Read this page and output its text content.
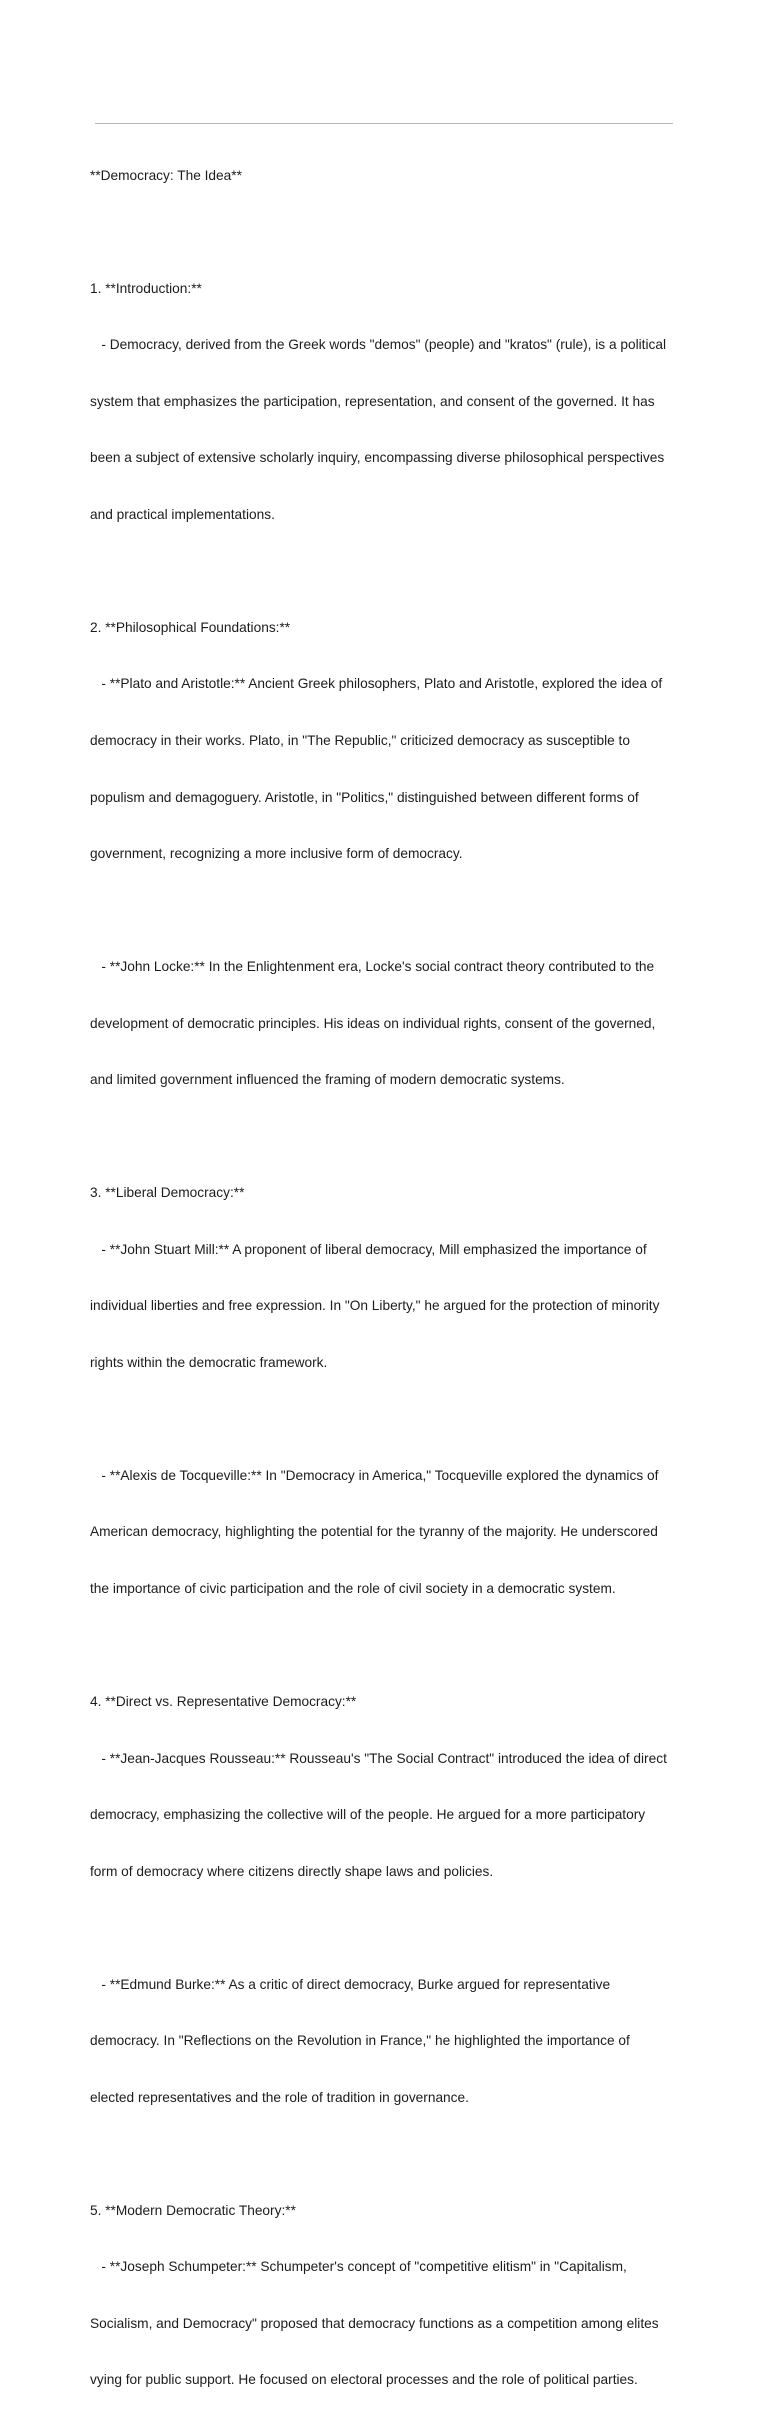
**Democracy: The Idea**

1. **Introduction:**

- Democracy, derived from the Greek words "demos" (people) and "kratos" (rule), is a political

system that emphasizes the participation, representation, and consent of the governed. It has

been a subject of extensive scholarly inquiry, encompassing diverse philosophical perspectives

and practical implementations.

2. **Philosophical Foundations:**

- **Plato and Aristotle:** Ancient Greek philosophers, Plato and Aristotle, explored the idea of

democracy in their works. Plato, in "The Republic," criticized democracy as susceptible to

populism and demagoguery. Aristotle, in "Politics," distinguished between different forms of

government, recognizing a more inclusive form of democracy.

- **John Locke:** In the Enlightenment era, Locke's social contract theory contributed to the

development of democratic principles. His ideas on individual rights, consent of the governed,

and limited government influenced the framing of modern democratic systems.

3. **Liberal Democracy:**

- **John Stuart Mill:** A proponent of liberal democracy, Mill emphasized the importance of

individual liberties and free expression. In "On Liberty," he argued for the protection of minority

rights within the democratic framework.

- **Alexis de Tocqueville:** In "Democracy in America," Tocqueville explored the dynamics of

American democracy, highlighting the potential for the tyranny of the majority. He underscored

the importance of civic participation and the role of civil society in a democratic system.

4. **Direct vs. Representative Democracy:**

- **Jean-Jacques Rousseau:** Rousseau's "The Social Contract" introduced the idea of direct

democracy, emphasizing the collective will of the people. He argued for a more participatory

form of democracy where citizens directly shape laws and policies.

- **Edmund Burke:** As a critic of direct democracy, Burke argued for representative

democracy. In "Reflections on the Revolution in France," he highlighted the importance of

elected representatives and the role of tradition in governance.

5. **Modern Democratic Theory:**

- **Joseph Schumpeter:** Schumpeter's concept of "competitive elitism" in "Capitalism,

Socialism, and Democracy" proposed that democracy functions as a competition among elites

vying for public support. He focused on electoral processes and the role of political parties.
